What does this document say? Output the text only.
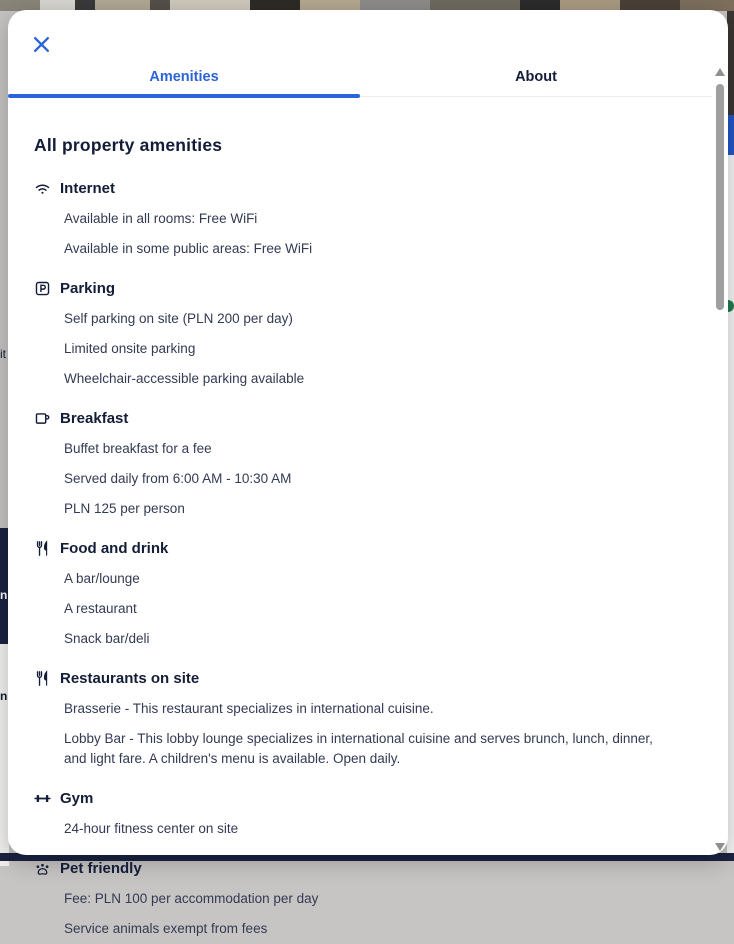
it
n
n
Amenities	About
All property amenities
Internet
Available in all rooms: Free WiFi
Available in some public areas: Free WiFi
Parking
Self parking on site (PLN 200 per day)
Limited onsite parking
Wheelchair-accessible parking available
Breakfast
Buffet breakfast for a fee
Served daily from 6:00 AM - 10:30 AM
PLN 125 per person
Food and drink
A bar/lounge
A restaurant
Snack bar/deli
Restaurants on site
Brasserie - This restaurant specializes in international cuisine.
Lobby Bar - This lobby lounge specializes in international cuisine and serves brunch, lunch, dinner, and light fare. A children's menu is available. Open daily.
Gym
24-hour fitness center on site
Pet friendly
Fee: PLN 100 per accommodation per day
Service animals exempt from fees
